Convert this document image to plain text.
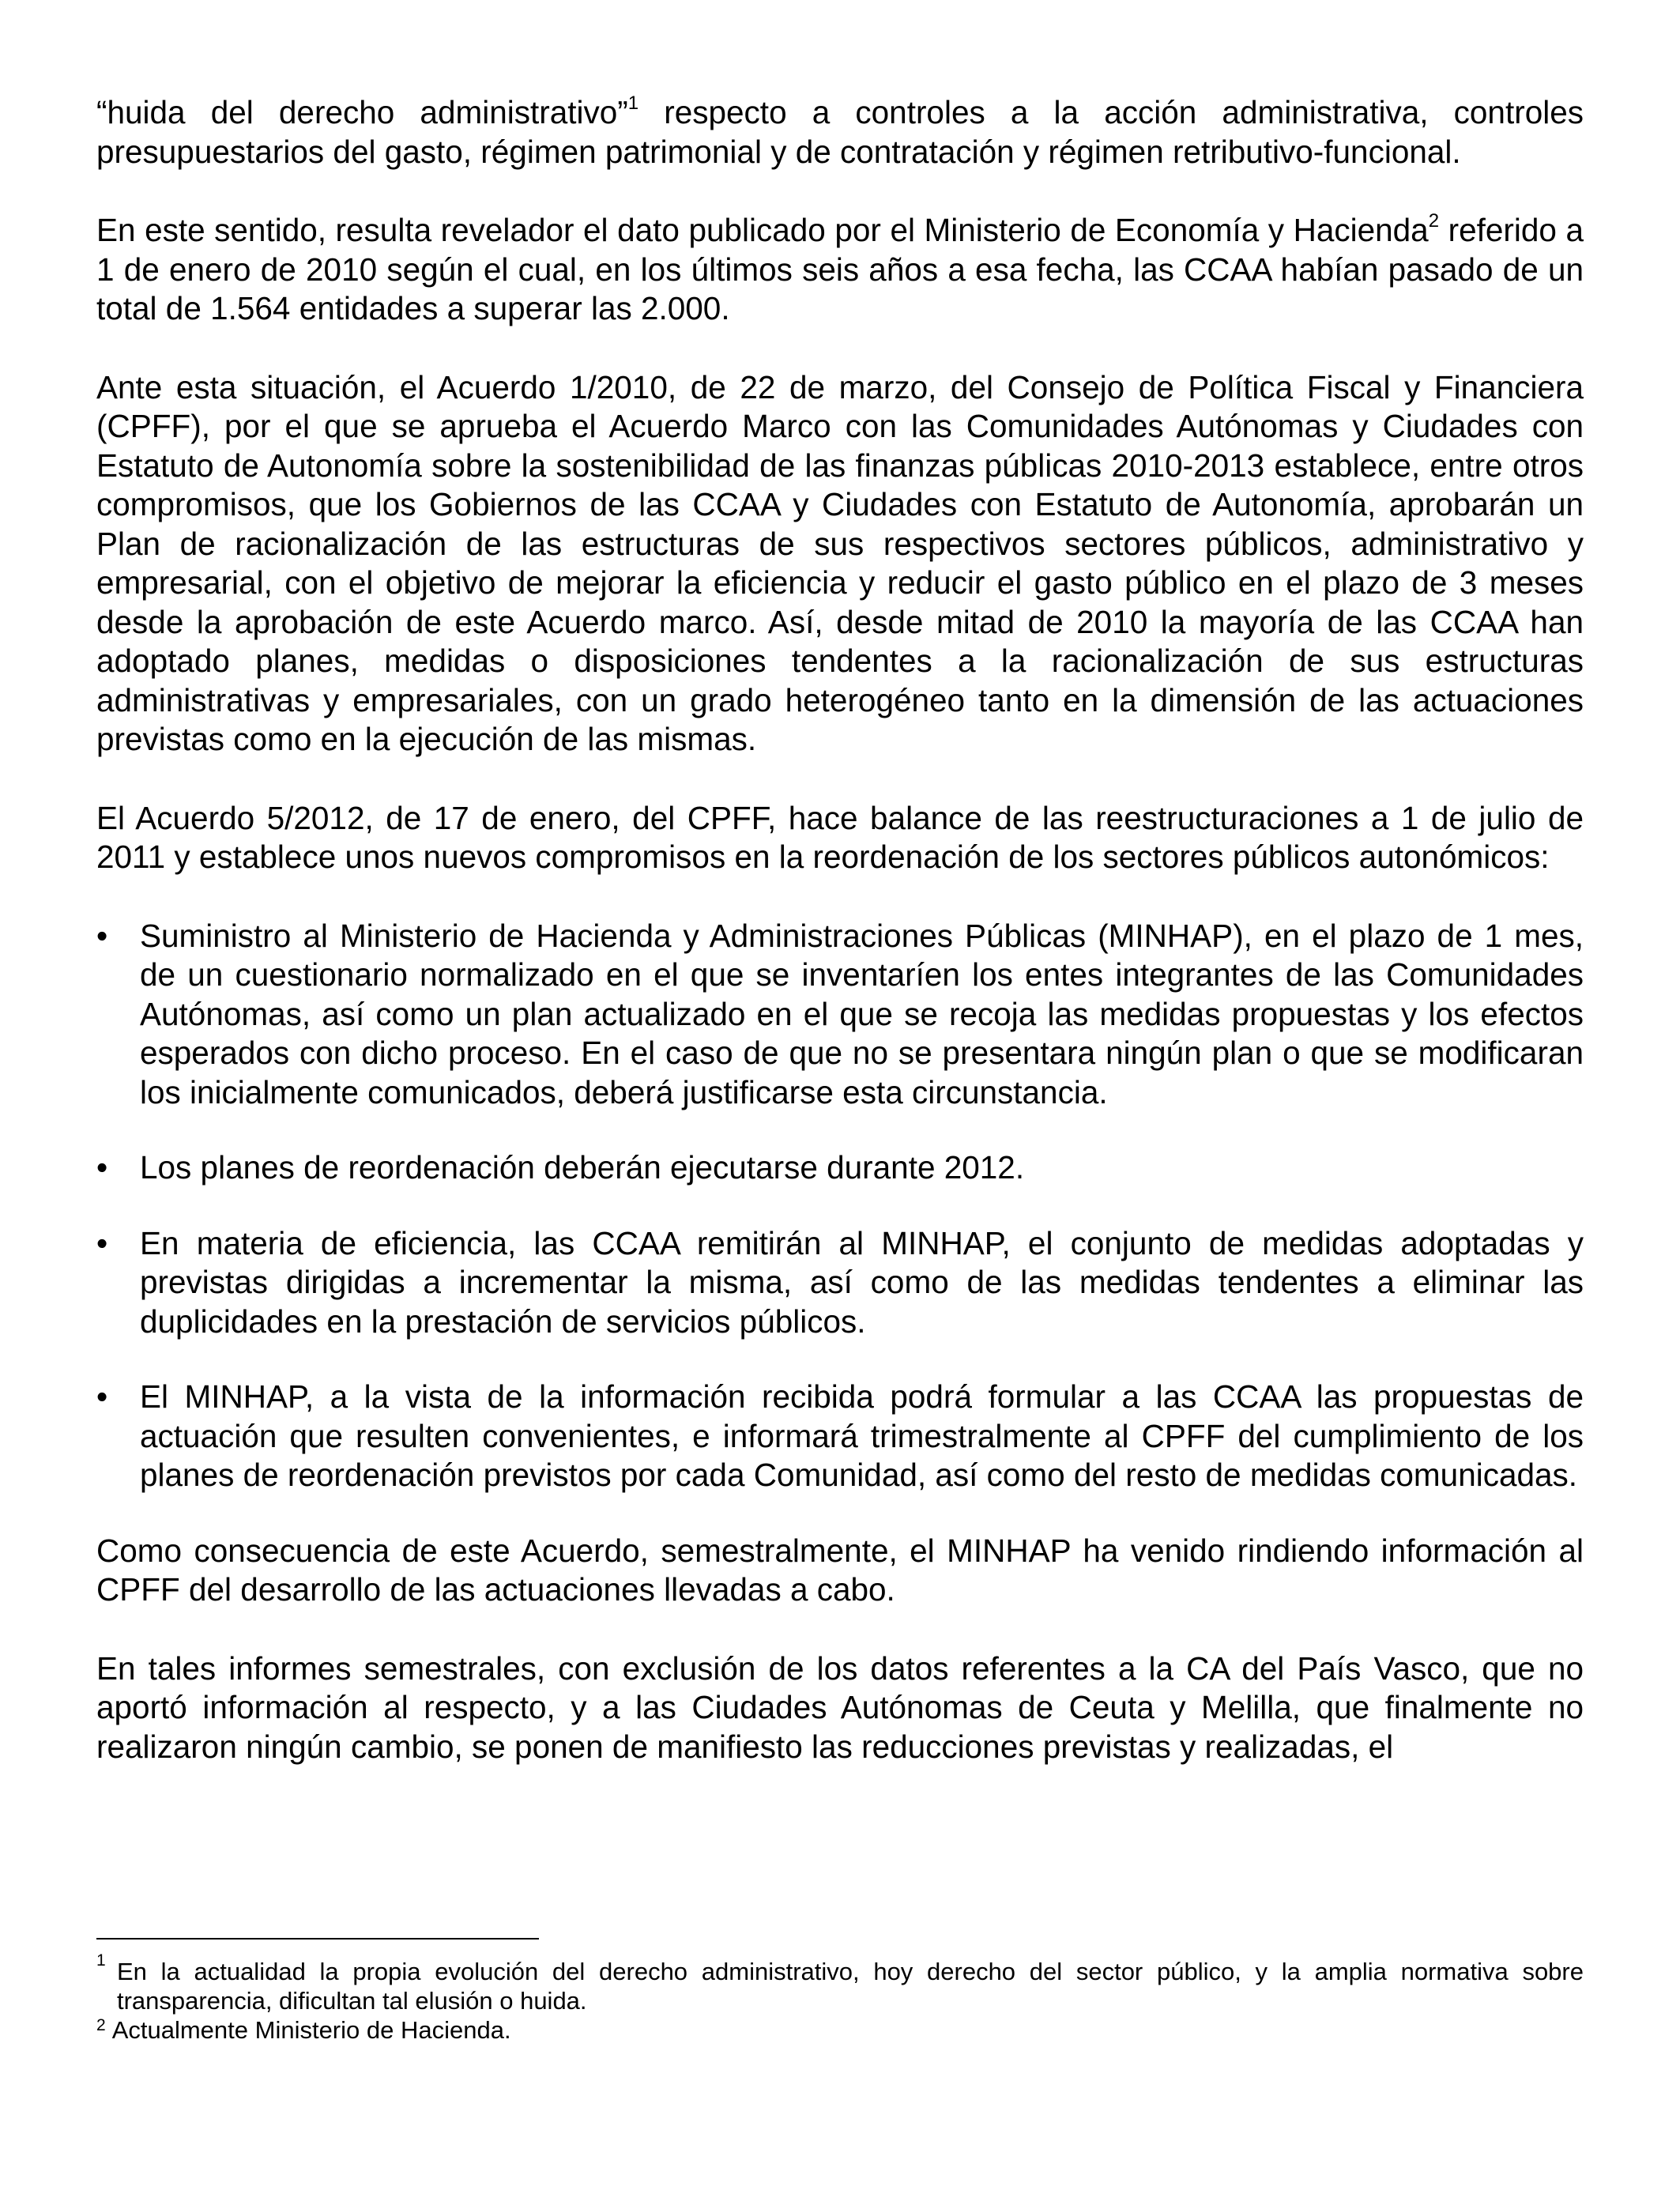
“huida del derecho administrativo”$^1$ respecto a controles a la acción administrativa, controles presupuestarios del gasto, régimen patrimonial y de contratación y régimen retributivo-funcional.

En este sentido, resulta revelador el dato publicado por el Ministerio de Economía y Hacienda$^2$ referido a 1 de enero de 2010 según el cual, en los últimos seis años a esa fecha, las CCAA habían pasado de un total de 1.564 entidades a superar las 2.000.

Ante esta situación, el Acuerdo 1/2010, de 22 de marzo, del Consejo de Política Fiscal y Financiera (CPFF), por el que se aprueba el Acuerdo Marco con las Comunidades Autónomas y Ciudades con Estatuto de Autonomía sobre la sostenibilidad de las finanzas públicas 2010-2013 establece, entre otros compromisos, que los Gobiernos de las CCAA y Ciudades con Estatuto de Autonomía, aprobarán un Plan de racionalización de las estructuras de sus respectivos sectores públicos, administrativo y empresarial, con el objetivo de mejorar la eficiencia y reducir el gasto público en el plazo de 3 meses desde la aprobación de este Acuerdo marco. Así, desde mitad de 2010 la mayoría de las CCAA han adoptado planes, medidas o disposiciones tendentes a la racionalización de sus estructuras administrativas y empresariales, con un grado heterogéneo tanto en la dimensión de las actuaciones previstas como en la ejecución de las mismas.

El Acuerdo 5/2012, de 17 de enero, del CPFF, hace balance de las reestructuraciones a 1 de julio de 2011 y establece unos nuevos compromisos en la reordenación de los sectores públicos autonómicos:

• Suministro al Ministerio de Hacienda y Administraciones Públicas (MINHAP), en el plazo de 1 mes, de un cuestionario normalizado en el que se inventaríen los entes integrantes de las Comunidades Autónomas, así como un plan actualizado en el que se recoja las medidas propuestas y los efectos esperados con dicho proceso. En el caso de que no se presentara ningún plan o que se modificaran los inicialmente comunicados, deberá justificarse esta circunstancia.
• Los planes de reordenación deberán ejecutarse durante 2012.
• En materia de eficiencia, las CCAA remitirán al MINHAP, el conjunto de medidas adoptadas y previstas dirigidas a incrementar la misma, así como de las medidas tendentes a eliminar las duplicidades en la prestación de servicios públicos.
• El MINHAP, a la vista de la información recibida podrá formular a las CCAA las propuestas de actuación que resulten convenientes, e informará trimestralmente al CPFF del cumplimiento de los planes de reordenación previstos por cada Comunidad, así como del resto de medidas comunicadas.

Como consecuencia de este Acuerdo, semestralmente, el MINHAP ha venido rindiendo información al CPFF del desarrollo de las actuaciones llevadas a cabo.

En tales informes semestrales, con exclusión de los datos referentes a la CA del País Vasco, que no aportó información al respecto, y a las Ciudades Autónomas de Ceuta y Melilla, que finalmente no realizaron ningún cambio, se ponen de manifiesto las reducciones previstas y realizadas, el

1 En la actualidad la propia evolución del derecho administrativo, hoy derecho del sector público, y la amplia normativa sobre transparencia, dificultan tal elusión o huida.
$^2$ Actualmente Ministerio de Hacienda.
